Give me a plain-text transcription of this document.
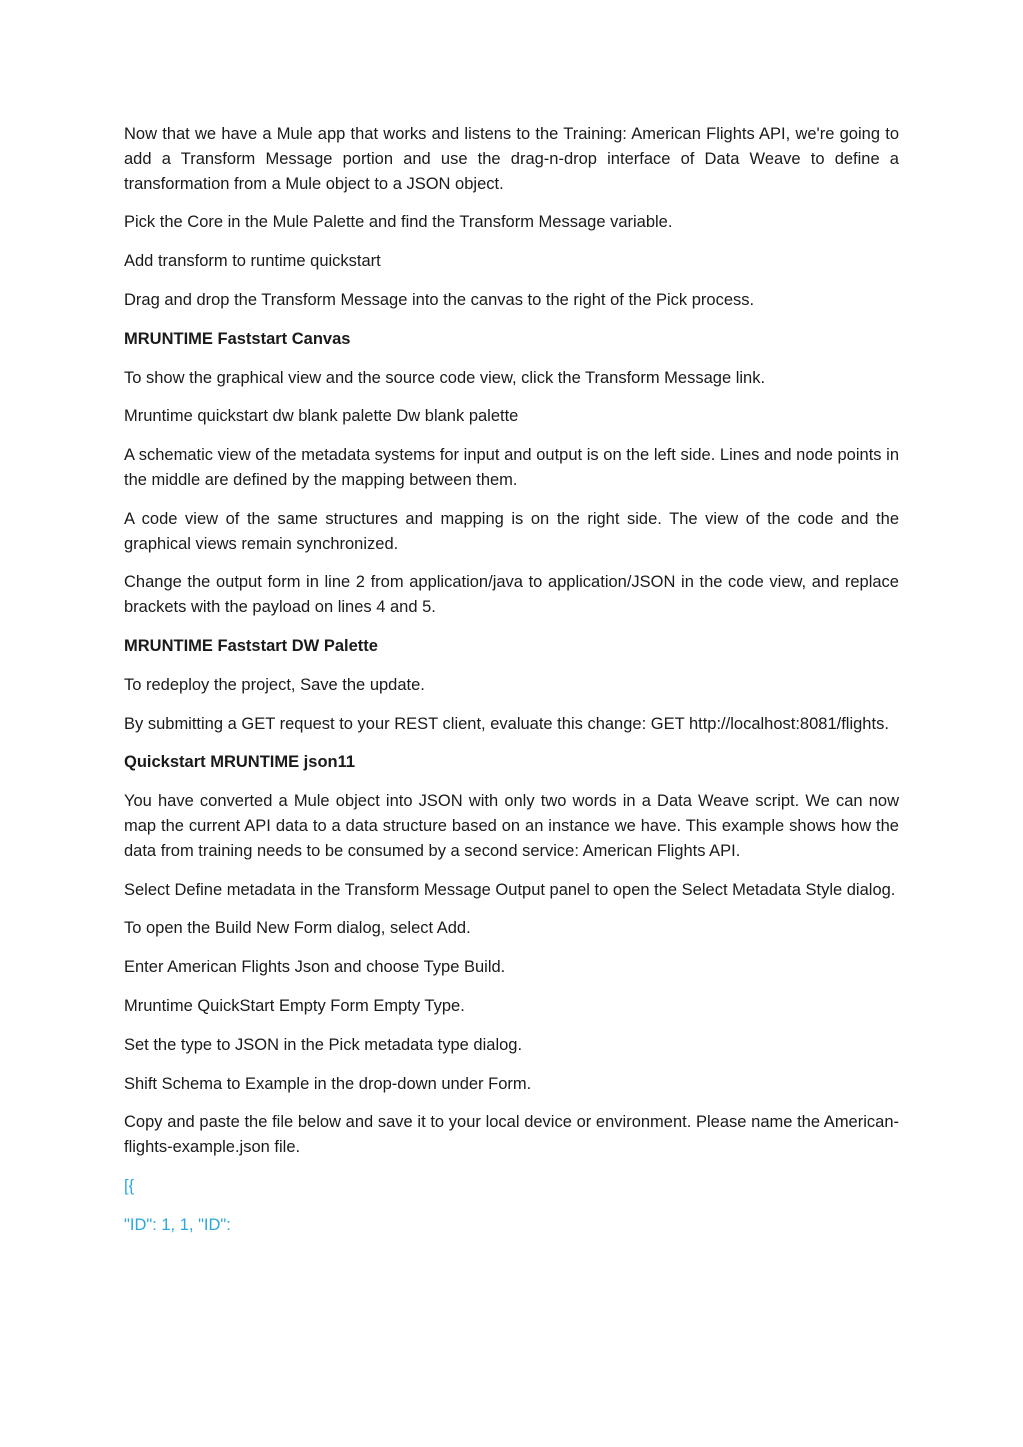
Now that we have a Mule app that works and listens to the Training: American Flights API, we're going to add a Transform Message portion and use the drag-n-drop interface of Data Weave to define a transformation from a Mule object to a JSON object.

Pick the Core in the Mule Palette and find the Transform Message variable.

Add transform to runtime quickstart

Drag and drop the Transform Message into the canvas to the right of the Pick process.

MRUNTIME Faststart Canvas

To show the graphical view and the source code view, click the Transform Message link.

Mruntime quickstart dw blank palette Dw blank palette

A schematic view of the metadata systems for input and output is on the left side. Lines and node points in the middle are defined by the mapping between them.

A code view of the same structures and mapping is on the right side. The view of the code and the graphical views remain synchronized.

Change the output form in line 2 from application/java to application/JSON in the code view, and replace brackets with the payload on lines 4 and 5.

MRUNTIME Faststart DW Palette

To redeploy the project, Save the update.

By submitting a GET request to your REST client, evaluate this change: GET http://localhost:8081/flights.

Quickstart MRUNTIME json11

You have converted a Mule object into JSON with only two words in a Data Weave script. We can now map the current API data to a data structure based on an instance we have. This example shows how the data from training needs to be consumed by a second service: American Flights API.

Select Define metadata in the Transform Message Output panel to open the Select Metadata Style dialog.

To open the Build New Form dialog, select Add.

Enter American Flights Json and choose Type Build.

Mruntime QuickStart Empty Form Empty Type.

Set the type to JSON in the Pick metadata type dialog.

Shift Schema to Example in the drop-down under Form.

Copy and paste the file below and save it to your local device or environment. Please name the American-flights-example.json file.

[{

"ID": 1, 1, "ID":
